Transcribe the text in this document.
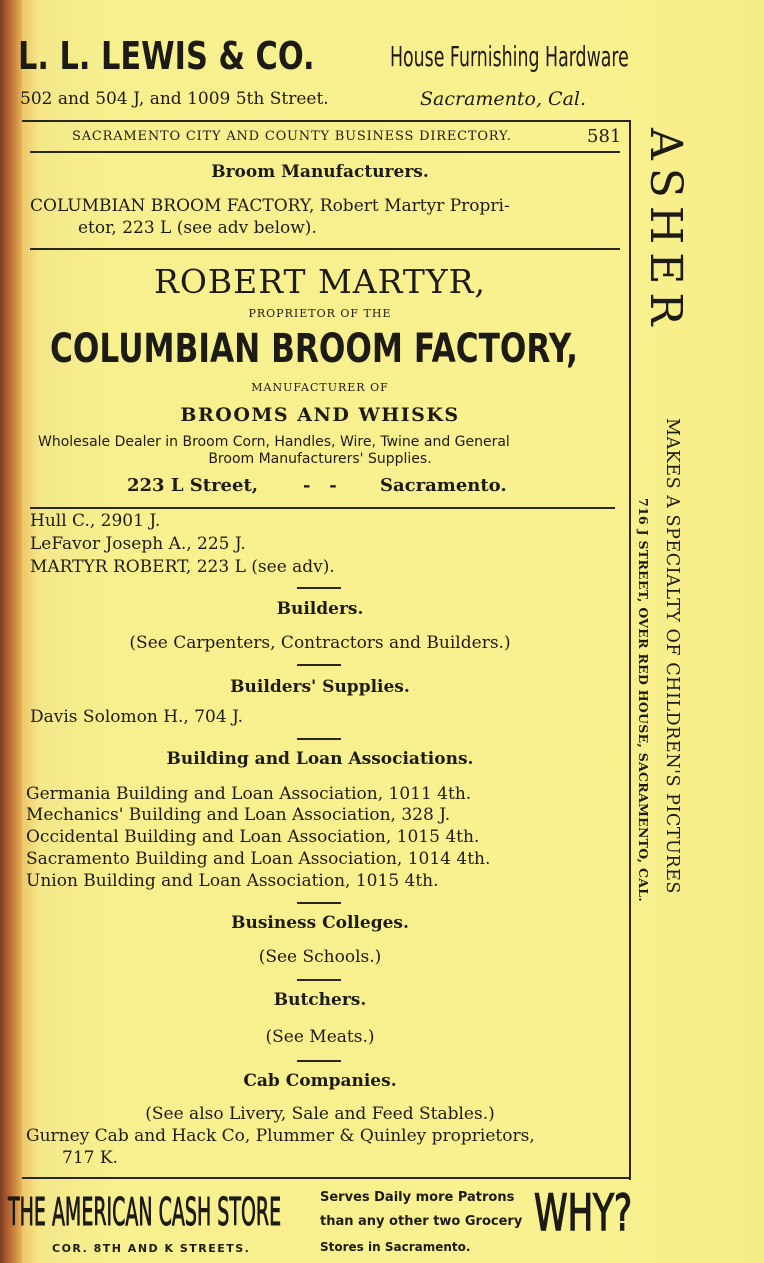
L. L. LEWIS & CO.	House Furnishing Hardware
502 and 504 J, and 1009 5th Street.	Sacramento, Cal.
SACRAMENTO CITY AND COUNTY BUSINESS DIRECTORY.	581
Broom Manufacturers.
COLUMBIAN BROOM FACTORY, Robert Martyr Propri-
etor, 223 L (see adv below).
ROBERT MARTYR,
PROPRIETOR OF THE
COLUMBIAN BROOM FACTORY,
MANUFACTURER OF
BROOMS AND WHISKS
Wholesale Dealer in Broom Corn, Handles, Wire, Twine and General
Broom Manufacturers' Supplies.
223 L Street, -   - Sacramento.
Hull C., 2901 J.
LeFavor Joseph A., 225 J.
MARTYR ROBERT, 223 L (see adv).
Builders.
(See Carpenters, Contractors and Builders.)
Builders' Supplies.
Davis Solomon H., 704 J.
Building and Loan Associations.
Germania Building and Loan Association, 1011 4th.
Mechanics' Building and Loan Association, 328 J.
Occidental Building and Loan Association, 1015 4th.
Sacramento Building and Loan Association, 1014 4th.
Union Building and Loan Association, 1015 4th.
Business Colleges.
(See Schools.)
Butchers.
(See Meats.)
Cab Companies.
(See also Livery, Sale and Feed Stables.)
Gurney Cab and Hack Co, Plummer & Quinley proprietors,
717 K.
ASHER
MAKES A SPECIALTY OF CHILDREN'S PICTURES
716 J STREET, OVER RED HOUSE, SACRAMENTO, CAL.
THE AMERICAN CASH STORE
COR. 8TH AND K STREETS.
Serves Daily more Patrons
than any other two Grocery
Stores in Sacramento.
WHY?
